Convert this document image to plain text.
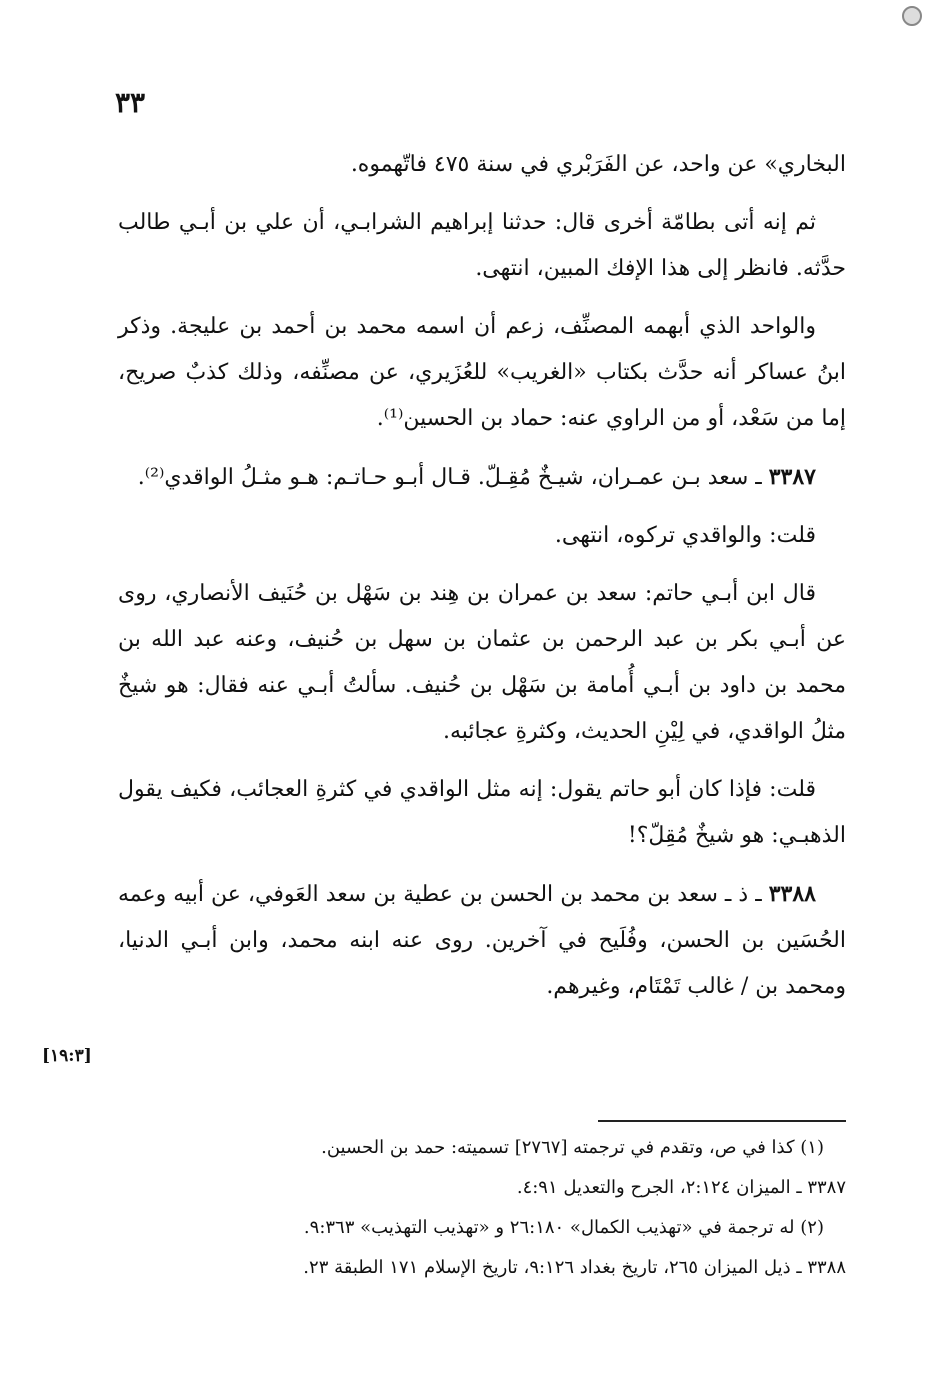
٣٣

البخاري» عن واحد، عن الفَرَبْري في سنة ٤٧٥ فاتّهموه.

ثم إنه أتى بطامّة أخرى قال: حدثنا إبراهيم الشرابـي، أن علي بن أبـي طالب حدَّثه. فانظر إلى هذا الإفك المبين، انتهى.

والواحد الذي أبهمه المصنِّف، زعم أن اسمه محمد بن أحمد بن عليجة. وذكر ابنُ عساكر أنه حدَّث بكتاب «الغريب» للعُزَيري، عن مصنِّفه، وذلك كذبٌ صريح، إما من سَعْد، أو من الراوي عنه: حماد بن الحسين⁽¹⁾.

٣٣٨٧ ـ سعد بـن عمـران، شيـخٌ مُقِـلّ. قـال أبـو حـاتـم: هـو مثـلُ الواقدي⁽²⁾.

قلت: والواقدي تركوه، انتهى.

قال ابن أبـي حاتم: سعد بن عمران بن هِند بن سَهْل بن حُنَيف الأنصاري، روى عن أبـي بكر بن عبد الرحمن بن عثمان بن سهل بن حُنيف، وعنه عبد الله بن محمد بن داود بن أبـي أُمامة بن سَهْل بن حُنيف. سألتُ أبـي عنه فقال: هو شيخٌ مثلُ الواقدي، في لِيْنِ الحديث، وكثرةِ عجائبه.

قلت: فإذا كان أبو حاتم يقول: إنه مثل الواقدي في كثرةِ العجائب، فكيف يقول الذهبـي: هو شيخٌ مُقِلّ؟!

٣٣٨٨ ـ ذ ـ سعد بن محمد بن الحسن بن عطية بن سعد العَوفي، عن أبيه وعمه الحُسَين بن الحسن، وفُلَيح في آخرين. روى عنه ابنه محمد، وابن أبـي الدنيا، ومحمد بن / غالب تَمْتَام، وغيرهم.

[١٩:٣]

(١) كذا في ص، وتقدم في ترجمته [٢٧٦٧] تسميته: حمد بن الحسين.

٣٣٨٧ ـ الميزان ٢:١٢٤، الجرح والتعديل ٤:٩١.

(٢) له ترجمة في «تهذيب الكمال» ٢٦:١٨٠ و «تهذيب التهذيب» ٩:٣٦٣.

٣٣٨٨ ـ ذيل الميزان ٢٦٥، تاريخ بغداد ٩:١٢٦، تاريخ الإسلام ١٧١ الطبقة ٢٣.
